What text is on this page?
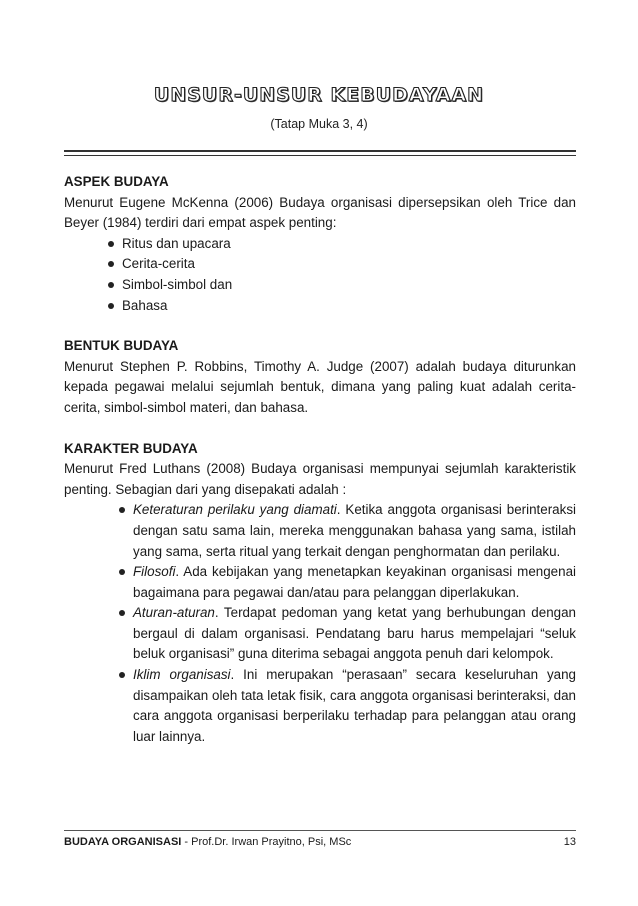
UNSUR-UNSUR KEBUDAYAAN
(Tatap Muka 3, 4)

ASPEK BUDAYA

Menurut Eugene McKenna (2006) Budaya organisasi dipersepsikan oleh Trice dan Beyer (1984) terdiri dari empat aspek penting:

Ritus dan upacara
Cerita-cerita
Simbol-simbol dan
Bahasa

BENTUK BUDAYA

Menurut Stephen P. Robbins, Timothy A. Judge (2007) adalah budaya diturunkan kepada pegawai melalui sejumlah bentuk, dimana yang paling kuat adalah cerita-cerita, simbol-simbol materi, dan bahasa.

KARAKTER BUDAYA

Menurut Fred Luthans (2008) Budaya organisasi mempunyai sejumlah karakteristik penting. Sebagian dari yang disepakati adalah :

Keteraturan perilaku yang diamati. Ketika anggota organisasi berinteraksi dengan satu sama lain, mereka menggunakan bahasa yang sama, istilah yang sama, serta ritual yang terkait dengan penghormatan dan perilaku.
Filosofi. Ada kebijakan yang menetapkan keyakinan organisasi mengenai bagaimana para pegawai dan/atau para pelanggan diperlakukan.
Aturan-aturan. Terdapat pedoman yang ketat yang berhubungan dengan bergaul di dalam organisasi. Pendatang baru harus mempelajari “seluk beluk organisasi” guna diterima sebagai anggota penuh dari kelompok.
Iklim organisasi. Ini merupakan “perasaan” secara keseluruhan yang disampaikan oleh tata letak fisik, cara anggota organisasi berinteraksi, dan cara anggota organisasi berperilaku terhadap para pelanggan atau orang luar lainnya.
BUDAYA ORGANISASI - Prof.Dr. Irwan Prayitno, Psi, MSc	13
